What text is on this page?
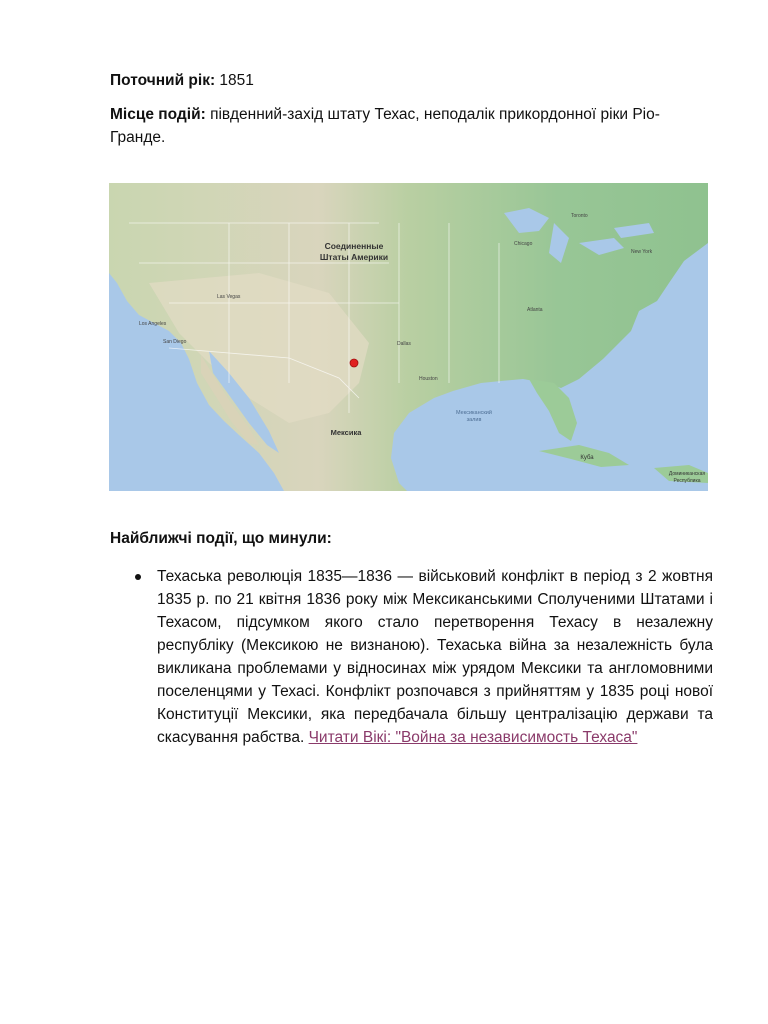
Поточний рік: 1851
Місце подій: південний-захід штату Техас, неподалік прикордонної ріки Ріо-Гранде.
Соединенные
Штаты Америки
Мексика
Мексиканский
залив
Куба
Доминиканская
Республика
Houston
Las Vegas
Los Angeles
San Diego
Chicago
Toronto
New York
Atlanta
Dallas
Найближчі події, що минули:
Техаська революція 1835—1836 — військовий конфлікт в період з 2 жовтня 1835 р. по 21 квітня 1836 року між Мексиканськими Сполученими Штатами і Техасом, підсумком якого стало перетворення Техасу в незалежну республіку (Мексикою не визнаною). Техаська війна за незалежність була викликана проблемами у відносинах між урядом Мексики та англомовними поселенцями у Техасі. Конфлікт розпочався з прийняттям у 1835 році нової Конституції Мексики, яка передбачала більшу централізацію держави та скасування рабства. Читати Вікі: "Война за независимость Техаса"
